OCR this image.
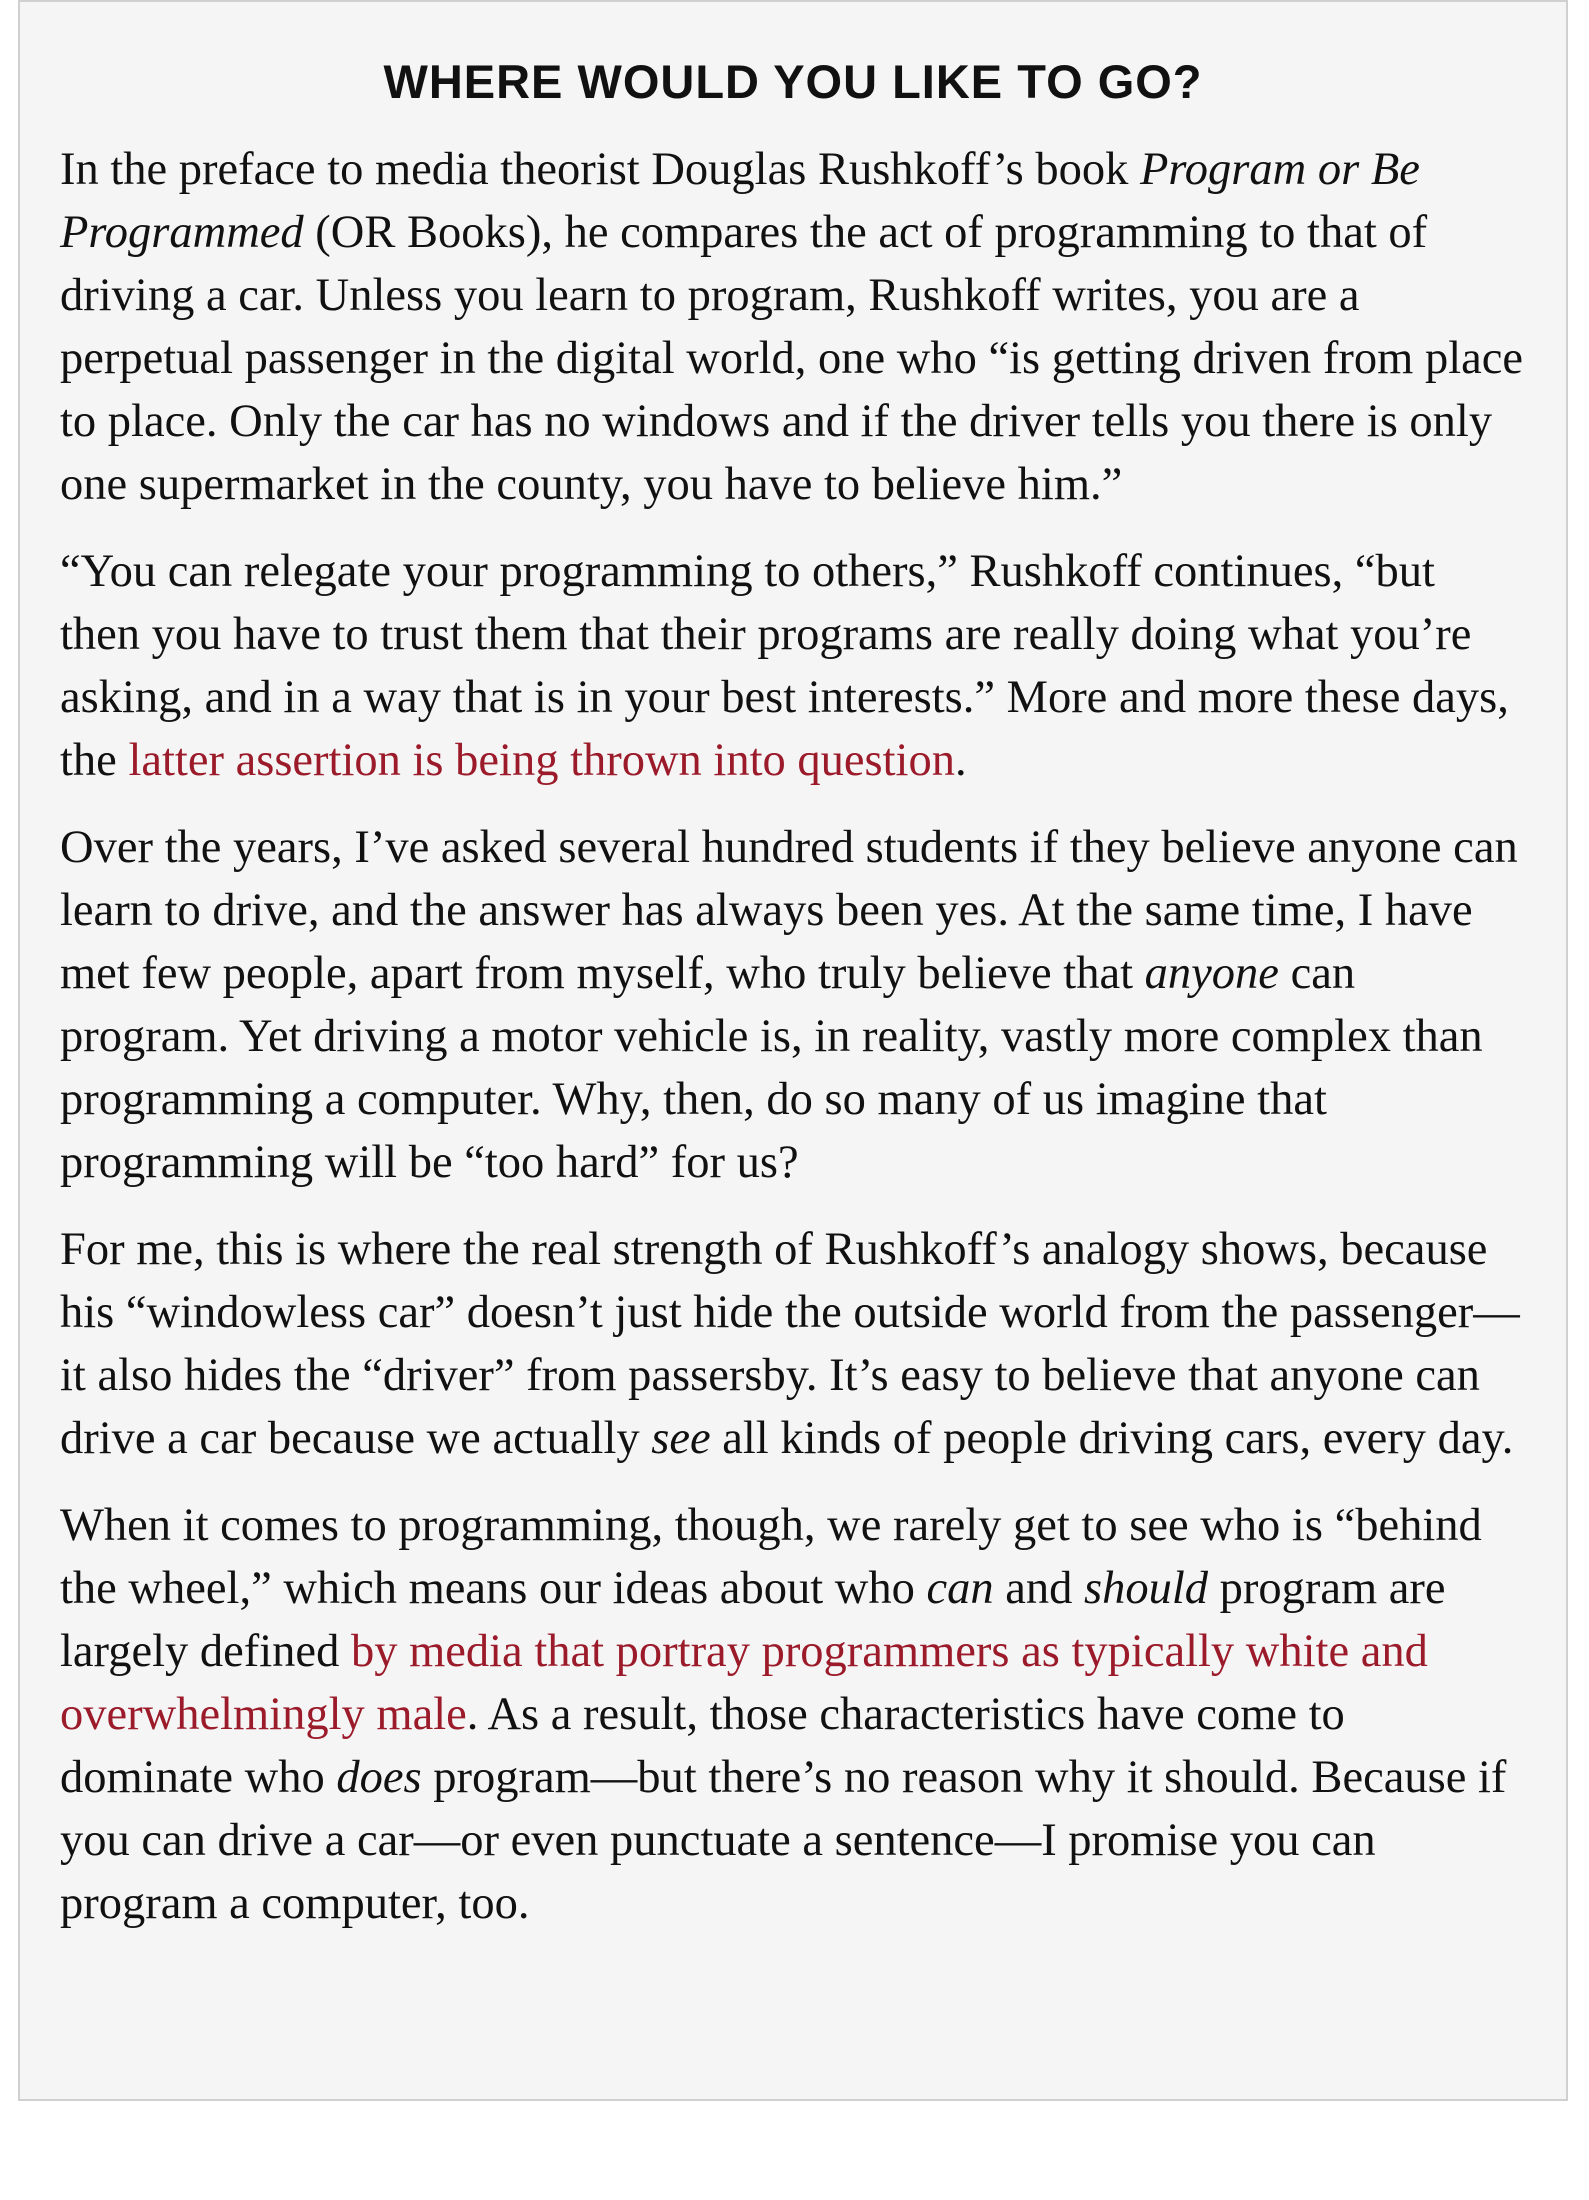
WHERE WOULD YOU LIKE TO GO?

In the preface to media theorist Douglas Rushkoff’s book Program or Be Programmed (OR Books), he compares the act of programming to that of driving a car. Unless you learn to program, Rushkoff writes, you are a perpetual passenger in the digital world, one who “is getting driven from place to place. Only the car has no windows and if the driver tells you there is only one supermarket in the county, you have to believe him.”

“You can relegate your programming to others,” Rushkoff continues, “but then you have to trust them that their programs are really doing what you’re asking, and in a way that is in your best interests.” More and more these days, the latter assertion is being thrown into question.

Over the years, I’ve asked several hundred students if they believe anyone can learn to drive, and the answer has always been yes. At the same time, I have met few people, apart from myself, who truly believe that anyone can program. Yet driving a motor vehicle is, in reality, vastly more complex than programming a computer. Why, then, do so many of us imagine that programming will be “too hard” for us?

For me, this is where the real strength of Rushkoff’s analogy shows, because his “windowless car” doesn’t just hide the outside world from the passenger—it also hides the “driver” from passersby. It’s easy to believe that anyone can drive a car because we actually see all kinds of people driving cars, every day.

When it comes to programming, though, we rarely get to see who is “behind the wheel,” which means our ideas about who can and should program are largely defined by media that portray programmers as typically white and overwhelmingly male. As a result, those characteristics have come to dominate who does program—but there’s no reason why it should. Because if you can drive a car—or even punctuate a sentence—I promise you can program a computer, too.
